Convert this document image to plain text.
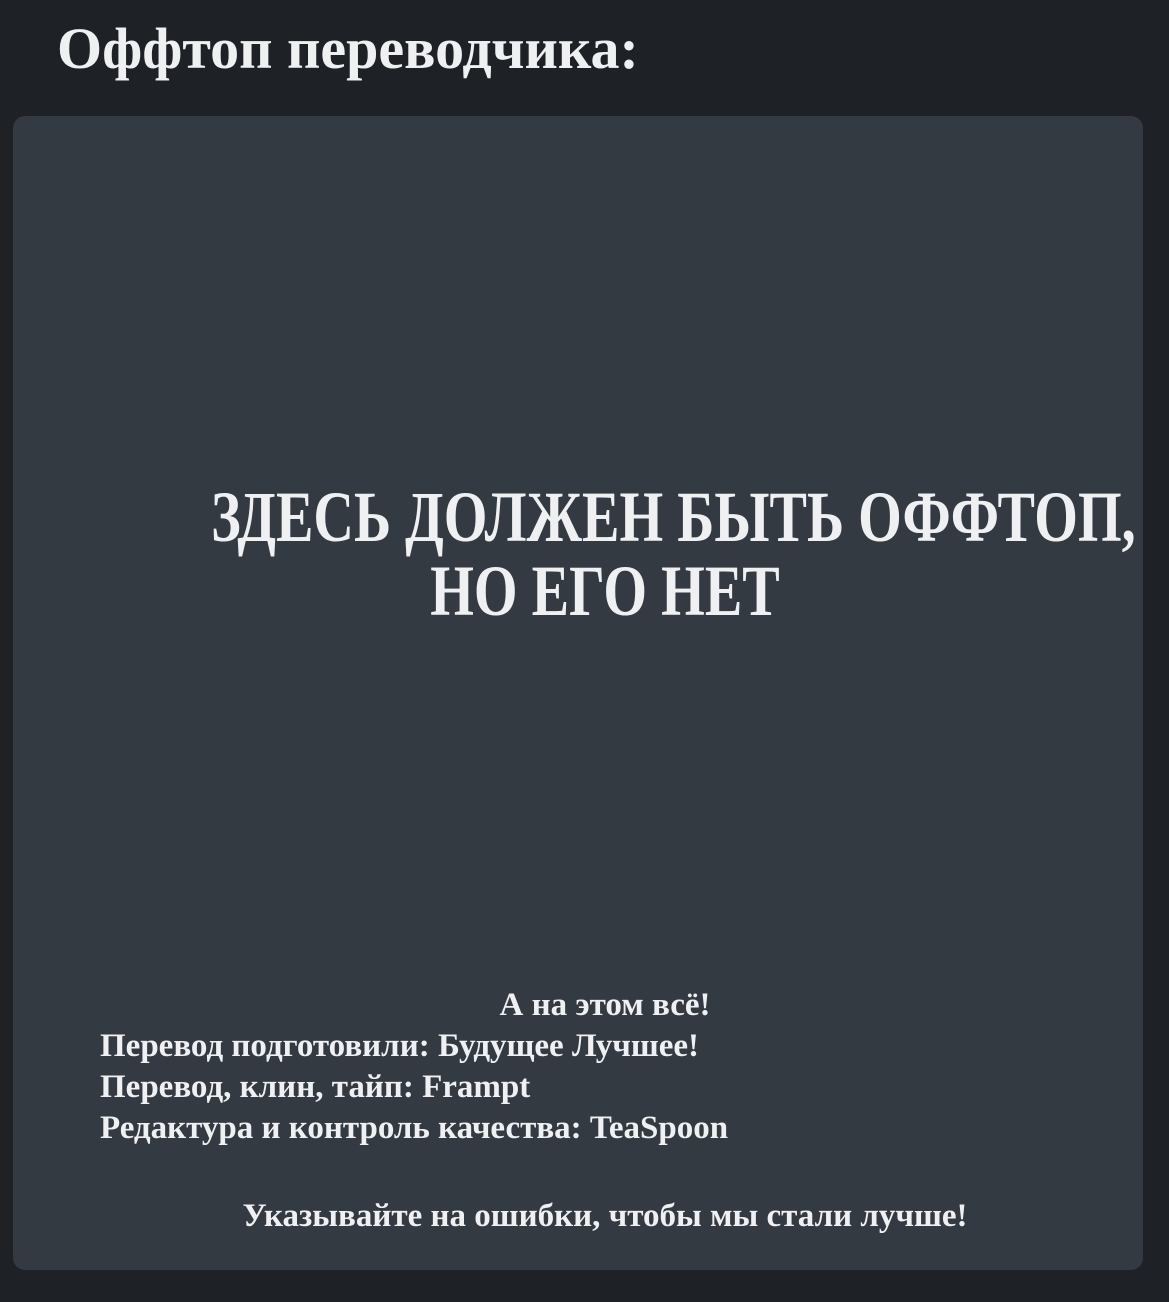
Оффтоп переводчика:
ЗДЕСЬ ДОЛЖЕН БЫТЬ ОФФТОП,
НО ЕГО НЕТ
А на этом всё!
Перевод подготовили: Будущее Лучшее!
Перевод, клин, тайп: Frampt
Редактура и контроль качества: TeaSpoon
Указывайте на ошибки, чтобы мы стали лучше!
